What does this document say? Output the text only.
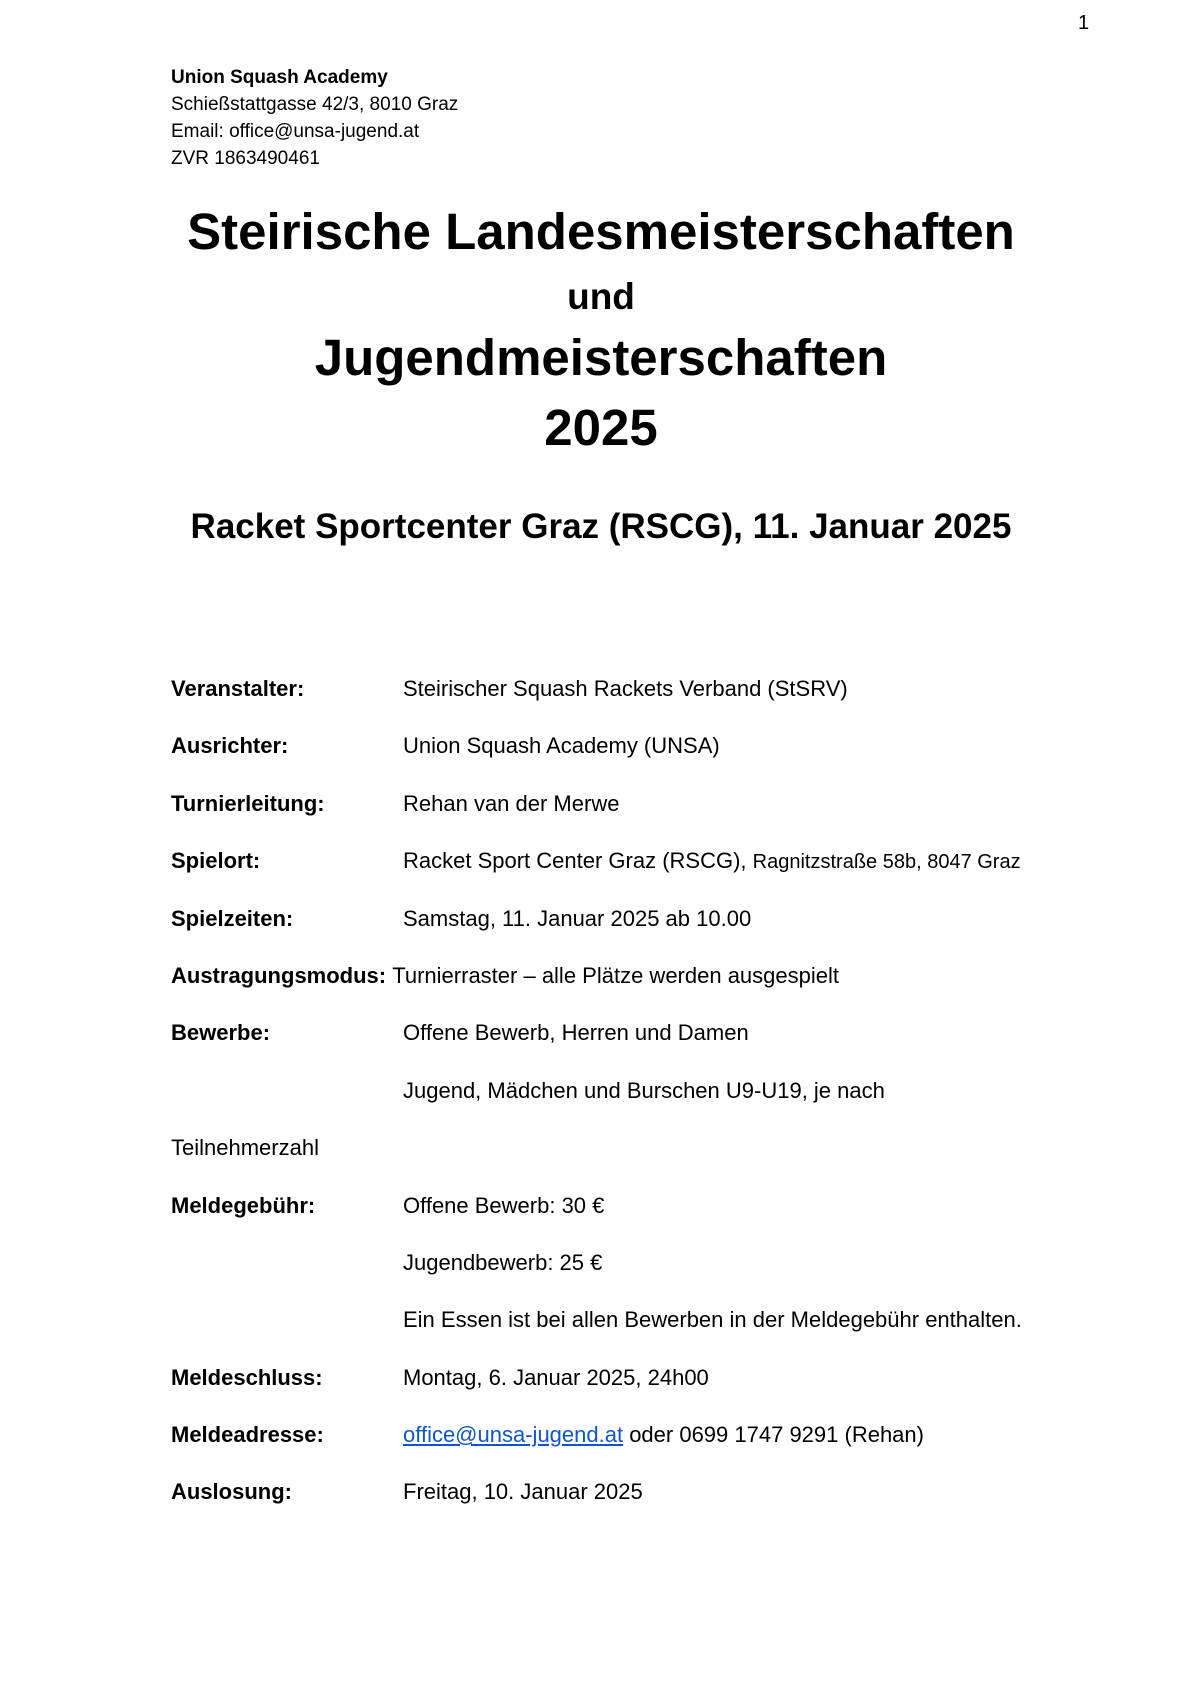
1
Union Squash Academy
Schießstattgasse 42/3, 8010 Graz
Email: office@unsa-jugend.at
ZVR 1863490461
Steirische Landesmeisterschaften
und
Jugendmeisterschaften
2025
Racket Sportcenter Graz (RSCG), 11. Januar 2025
Veranstalter:	Steirischer Squash Rackets Verband (StSRV)
Ausrichter:	Union Squash Academy (UNSA)
Turnierleitung:	Rehan van der Merwe
Spielort:	Racket Sport Center Graz (RSCG), Ragnitzstraße 58b, 8047 Graz
Spielzeiten:	Samstag, 11. Januar 2025 ab 10.00
Austragungsmodus: Turnierraster – alle Plätze werden ausgespielt
Bewerbe:	Offene Bewerb, Herren und Damen
Jugend, Mädchen und Burschen U9-U19, je nach
Teilnehmerzahl
Meldegebühr:	Offene Bewerb: 30 €
Jugendbewerb: 25 €
Ein Essen ist bei allen Bewerben in der Meldegebühr enthalten.
Meldeschluss:	Montag, 6. Januar 2025, 24h00
Meldeadresse:	office@unsa-jugend.at oder 0699 1747 9291 (Rehan)
Auslosung:	Freitag, 10. Januar 2025
